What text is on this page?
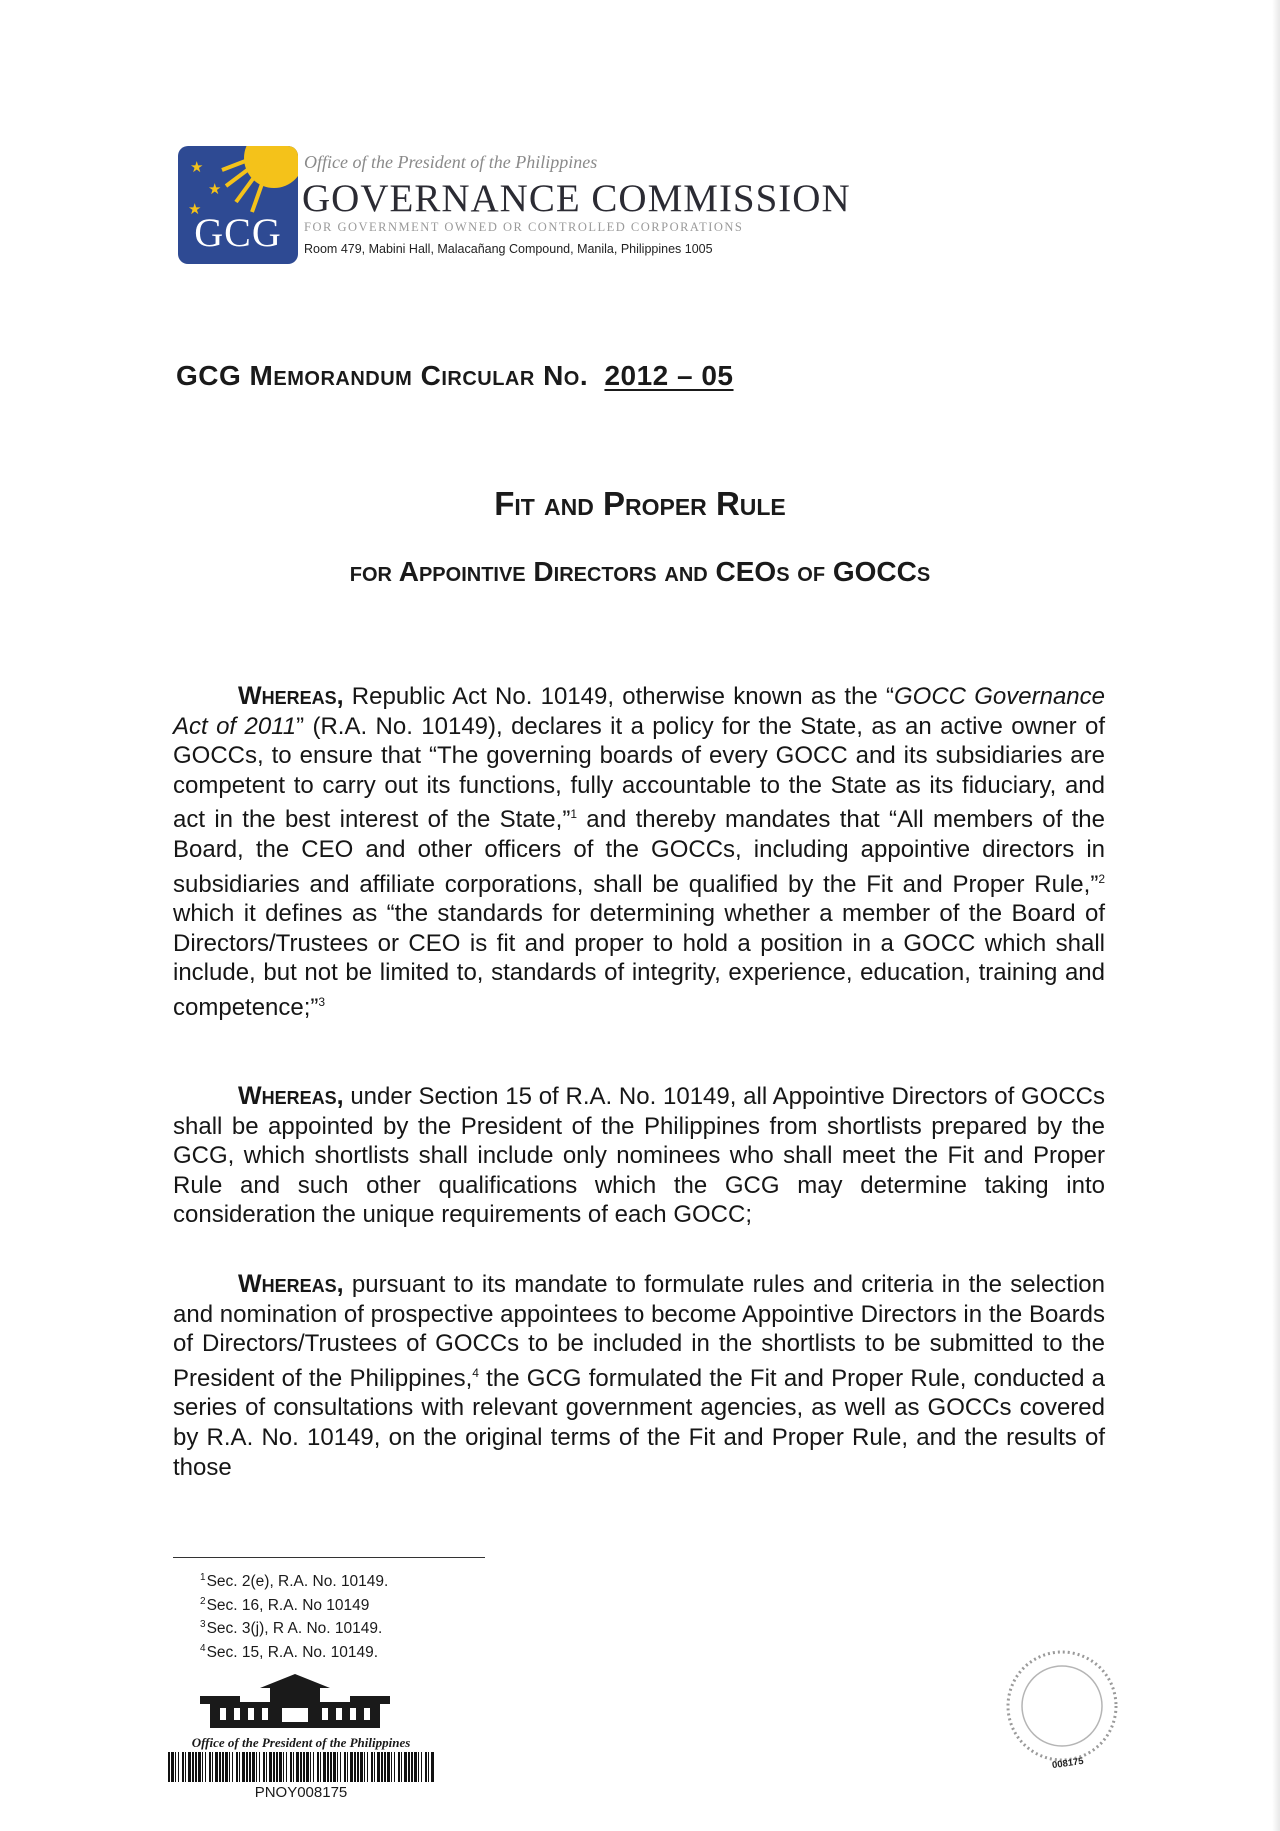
★
★
★
GCG
Office of the President of the Philippines
GOVERNANCE COMMISSION
FOR GOVERNMENT OWNED OR CONTROLLED CORPORATIONS
Room 479, Mabini Hall, Malacañang Compound, Manila, Philippines 1005
GCG Memorandum Circular No. 2012 – 05
Fit and Proper Rule
for Appointive Directors and CEOs of GOCCs

Whereas, Republic Act No. 10149, otherwise known as the “GOCC Governance Act of 2011” (R.A. No. 10149), declares it a policy for the State, as an active owner of GOCCs, to ensure that “The governing boards of every GOCC and its subsidiaries are competent to carry out its functions, fully accountable to the State as its fiduciary, and act in the best interest of the State,”$^1$ and thereby mandates that “All members of the Board, the CEO and other officers of the GOCCs, including appointive directors in subsidiaries and affiliate corporations, shall be qualified by the Fit and Proper Rule,”$^2$ which it defines as “the standards for determining whether a member of the Board of Directors/Trustees or CEO is fit and proper to hold a position in a GOCC which shall include, but not be limited to, standards of integrity, experience, education, training and competence;”$^3$

Whereas, under Section 15 of R.A. No. 10149, all Appointive Directors of GOCCs shall be appointed by the President of the Philippines from shortlists prepared by the GCG, which shortlists shall include only nominees who shall meet the Fit and Proper Rule and such other qualifications which the GCG may determine taking into consideration the unique requirements of each GOCC;

Whereas, pursuant to its mandate to formulate rules and criteria in the selection and nomination of prospective appointees to become Appointive Directors in the Boards of Directors/Trustees of GOCCs to be included in the shortlists to be submitted to the President of the Philippines,$^4$ the GCG formulated the Fit and Proper Rule, conducted a series of consultations with relevant government agencies, as well as GOCCs covered by R.A. No. 10149, on the original terms of the Fit and Proper Rule, and the results of those

$^1$Sec. 2(e), R.A. No. 10149.
$^2$Sec. 16, R.A. No 10149
$^3$Sec. 3(j), R A. No. 10149.
$^4$Sec. 15, R.A. No. 10149.
Office of the President of the Philippines
PNOY008175
008175
